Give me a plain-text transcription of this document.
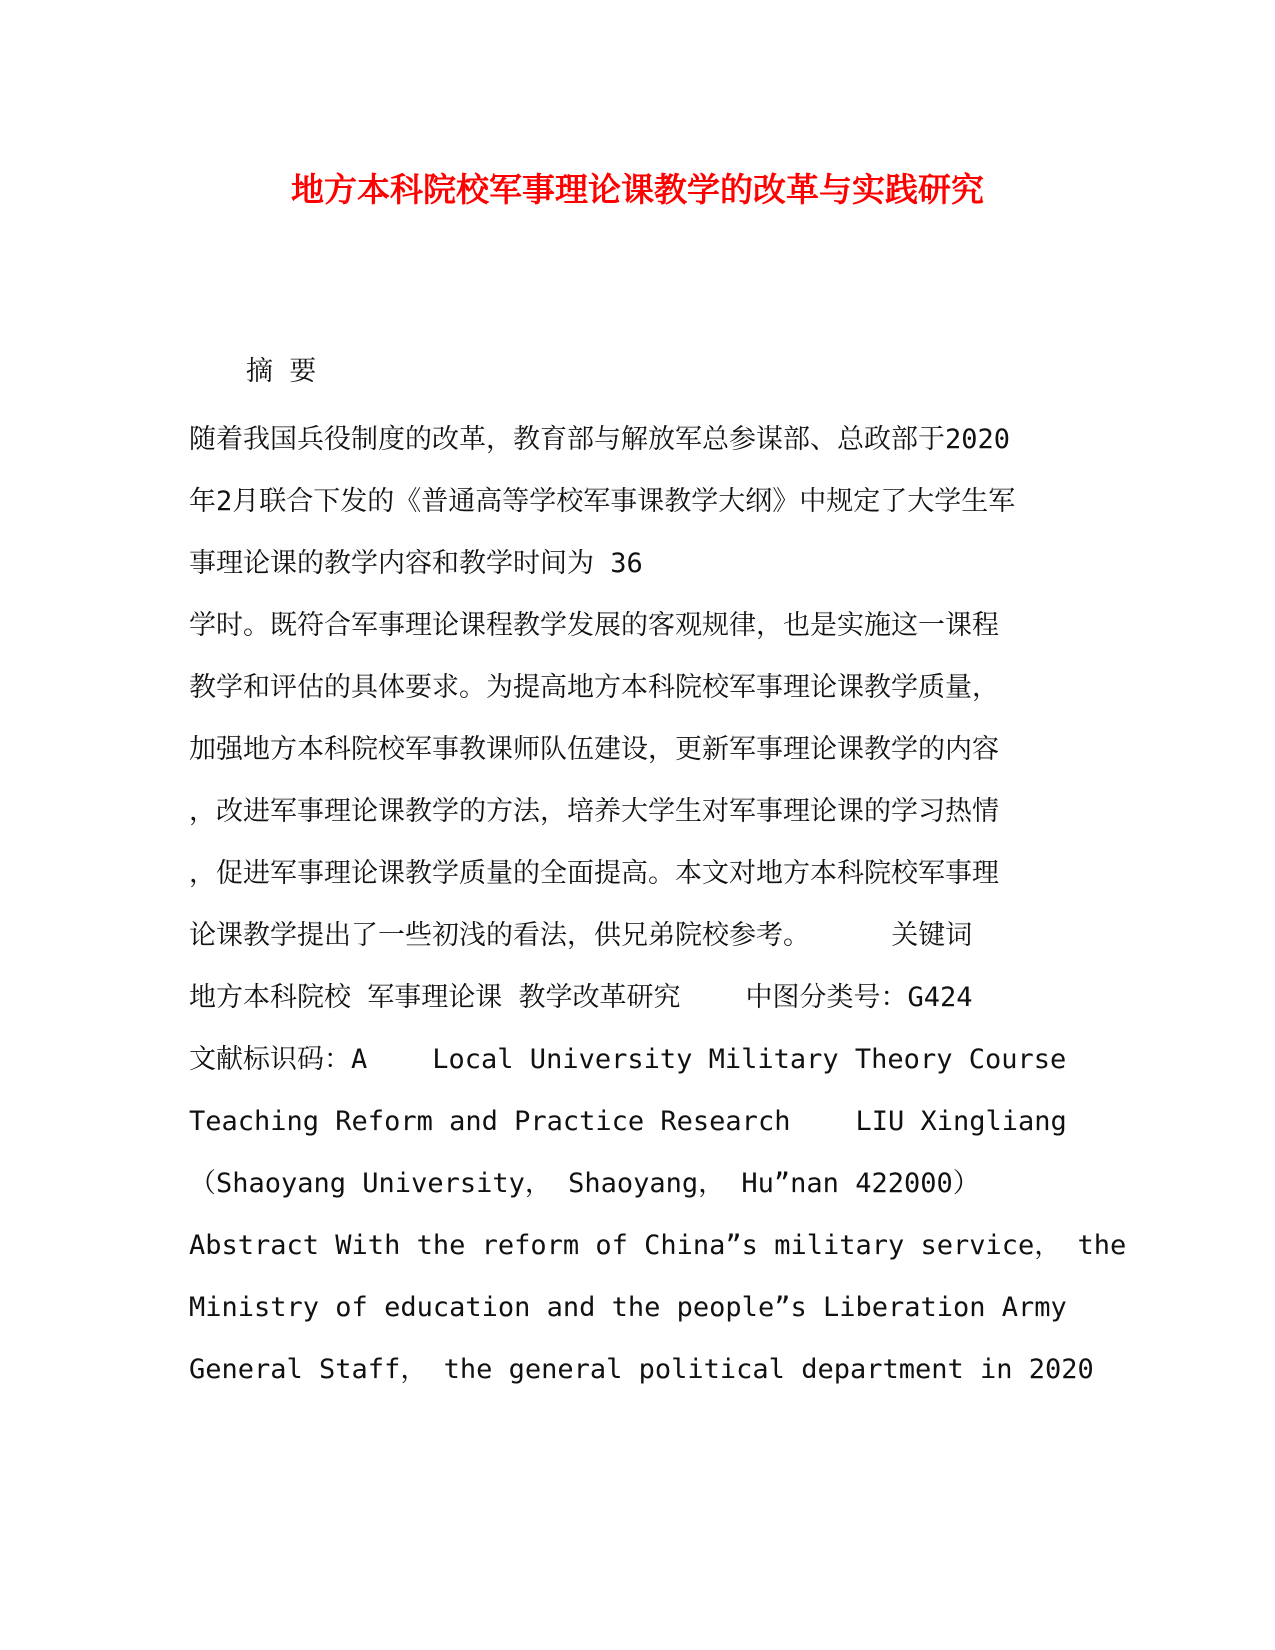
地方本科院校军事理论课教学的改革与实践研究
摘 要
随着我国兵役制度的改革，教育部与解放军总参谋部、总政部于2020
年2月联合下发的《普通高等学校军事课教学大纲》中规定了大学生军
事理论课的教学内容和教学时间为 36
学时。既符合军事理论课程教学发展的客观规律，也是实施这一课程
教学和评估的具体要求。为提高地方本科院校军事理论课教学质量，
加强地方本科院校军事教课师队伍建设，更新军事理论课教学的内容
，改进军事理论课教学的方法，培养大学生对军事理论课的学习热情
，促进军事理论课教学质量的全面提高。本文对地方本科院校军事理
论课教学提出了一些初浅的看法，供兄弟院校参考。     关键词
地方本科院校 军事理论课 教学改革研究    中图分类号：G424
文献标识码：A    Local University Military Theory Course
Teaching Reform and Practice Research    LIU Xingliang
（Shaoyang University， Shaoyang， Hu”nan 422000）
Abstract With the reform of China”s military service， the
Ministry of education and the people”s Liberation Army
General Staff， the general political department in 2020
